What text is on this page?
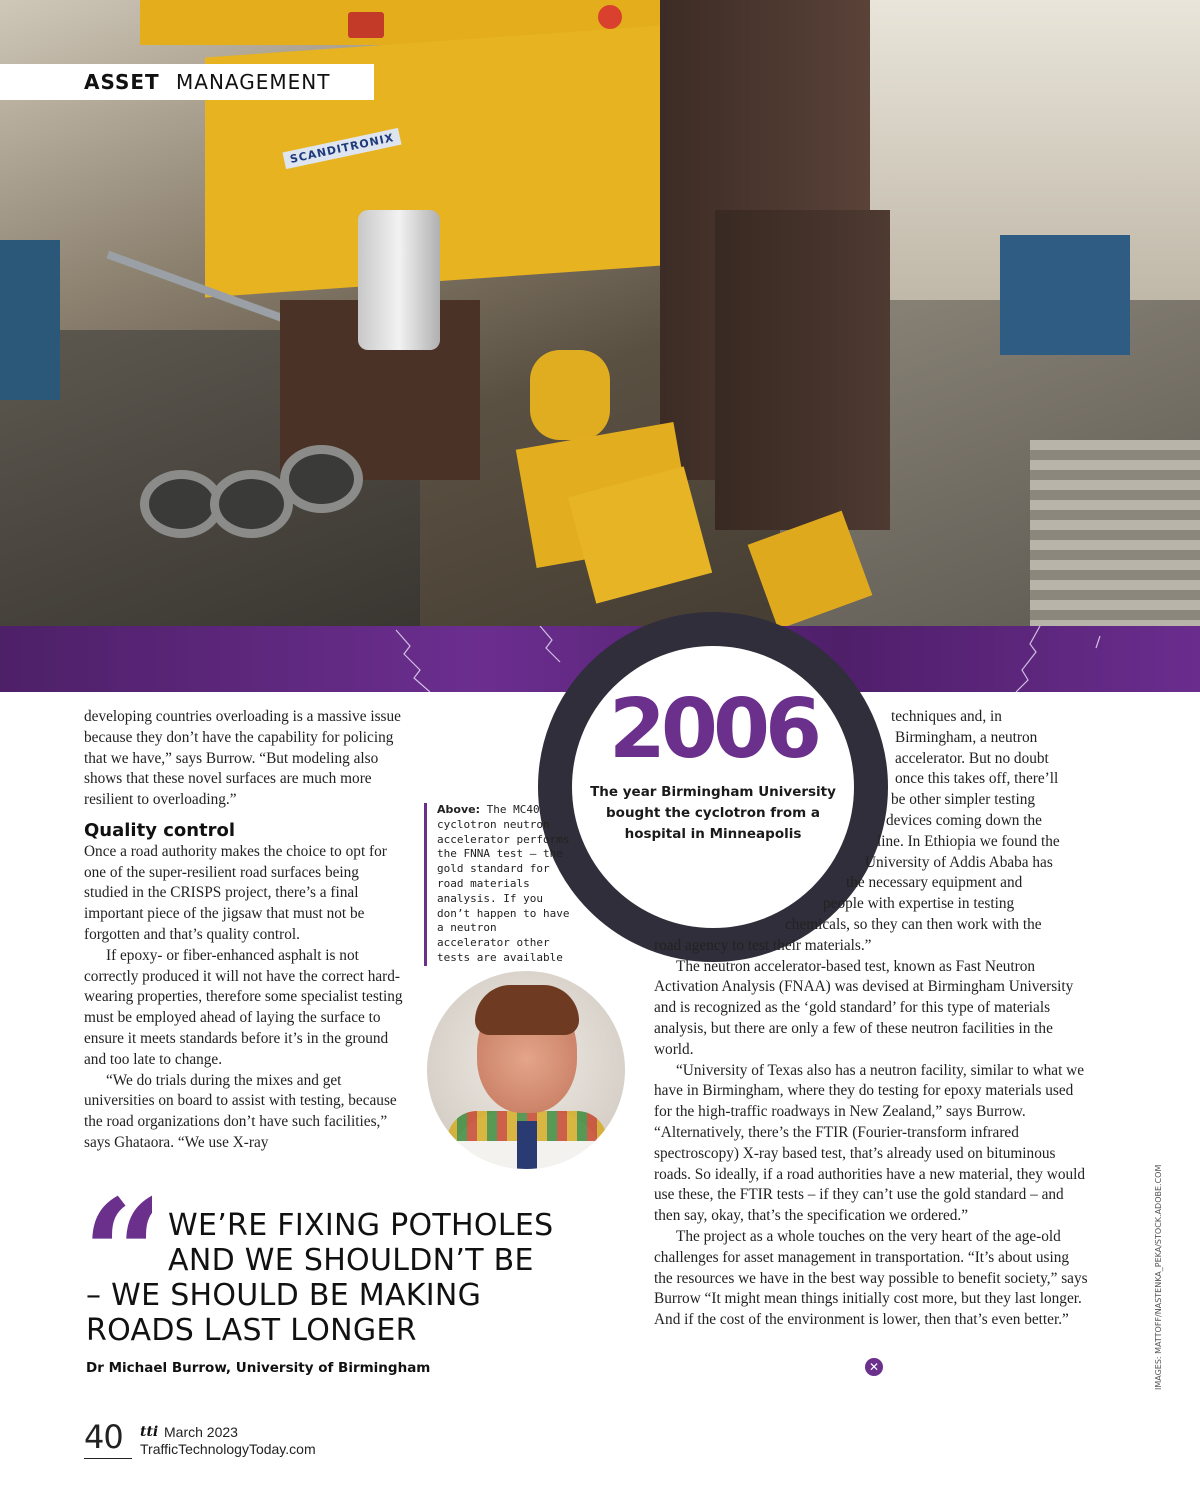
SCANDITRONIX
ASSET MANAGEMENT
2006
The year Birmingham University bought the cyclotron from a hospital in Minneapolis

developing countries overloading is a massive issue because they don’t have the capability for policing that we have,” says Burrow. “But modeling also shows that these novel surfaces are much more resilient to overloading.”

Quality control

Once a road authority makes the choice to opt for one of the super-resilient road surfaces being studied in the CRISPS project, there’s a final important piece of the jigsaw that must not be forgotten and that’s quality control.

If epoxy- or fiber-enhanced asphalt is not correctly produced it will not have the correct hard-wearing properties, therefore some specialist testing must be employed ahead of laying the surface to ensure it meets standards before it’s in the ground and too late to change.

“We do trials during the mixes and get universities on board to assist with testing, because the road organizations don’t have such facilities,” says Ghataora. “We use X-ray

Above: The MC40 cyclotron neutron accelerator performs the FNNA test – the gold standard for road materials analysis. If you don’t happen to have a neutron accelerator other tests are available

techniques and, in

Birmingham, a neutron

accelerator. But no doubt

once this takes off, there’ll

be other simpler testing

devices coming down the

line. In Ethiopia we found the

University of Addis Ababa has

the necessary equipment and

people with expertise in testing

chemicals, so they can then work with the

road agency to test their materials.”

The neutron accelerator-based test, known as Fast Neutron Activation Analysis (FNAA) was devised at Birmingham University and is recognized as the ‘gold standard’ for this type of materials analysis, but there are only a few of these neutron facilities in the world.

“University of Texas also has a neutron facility, similar to what we have in Birmingham, where they do testing for epoxy materials used for the high-traffic roadways in New Zealand,” says Burrow. “Alternatively, there’s the FTIR (Fourier-transform infrared spectroscopy) X-ray based test, that’s already used on bituminous roads. So ideally, if a road authorities have a new material, they would use these, the FTIR tests – if they can’t use the gold standard – and then say, okay, that’s the specification we ordered.”

The project as a whole touches on the very heart of the age-old challenges for asset management in transportation. “It’s about using the resources we have in the best way possible to benefit society,” says Burrow “It might mean things initially cost more, but they last longer. And if the cost of the environment is lower, then that’s even better.”

✕
“ WE’RE FIXING POTHOLES
AND WE SHOULDN’T BE
– WE SHOULD BE MAKING
ROADS LAST LONGER
Dr Michael Burrow, University of Birmingham	IMAGES: MATTOFF/NASTENKA_PEKA/STOCK.ADOBE.COM
40 tti March 2023
TrafficTechnologyToday.com
